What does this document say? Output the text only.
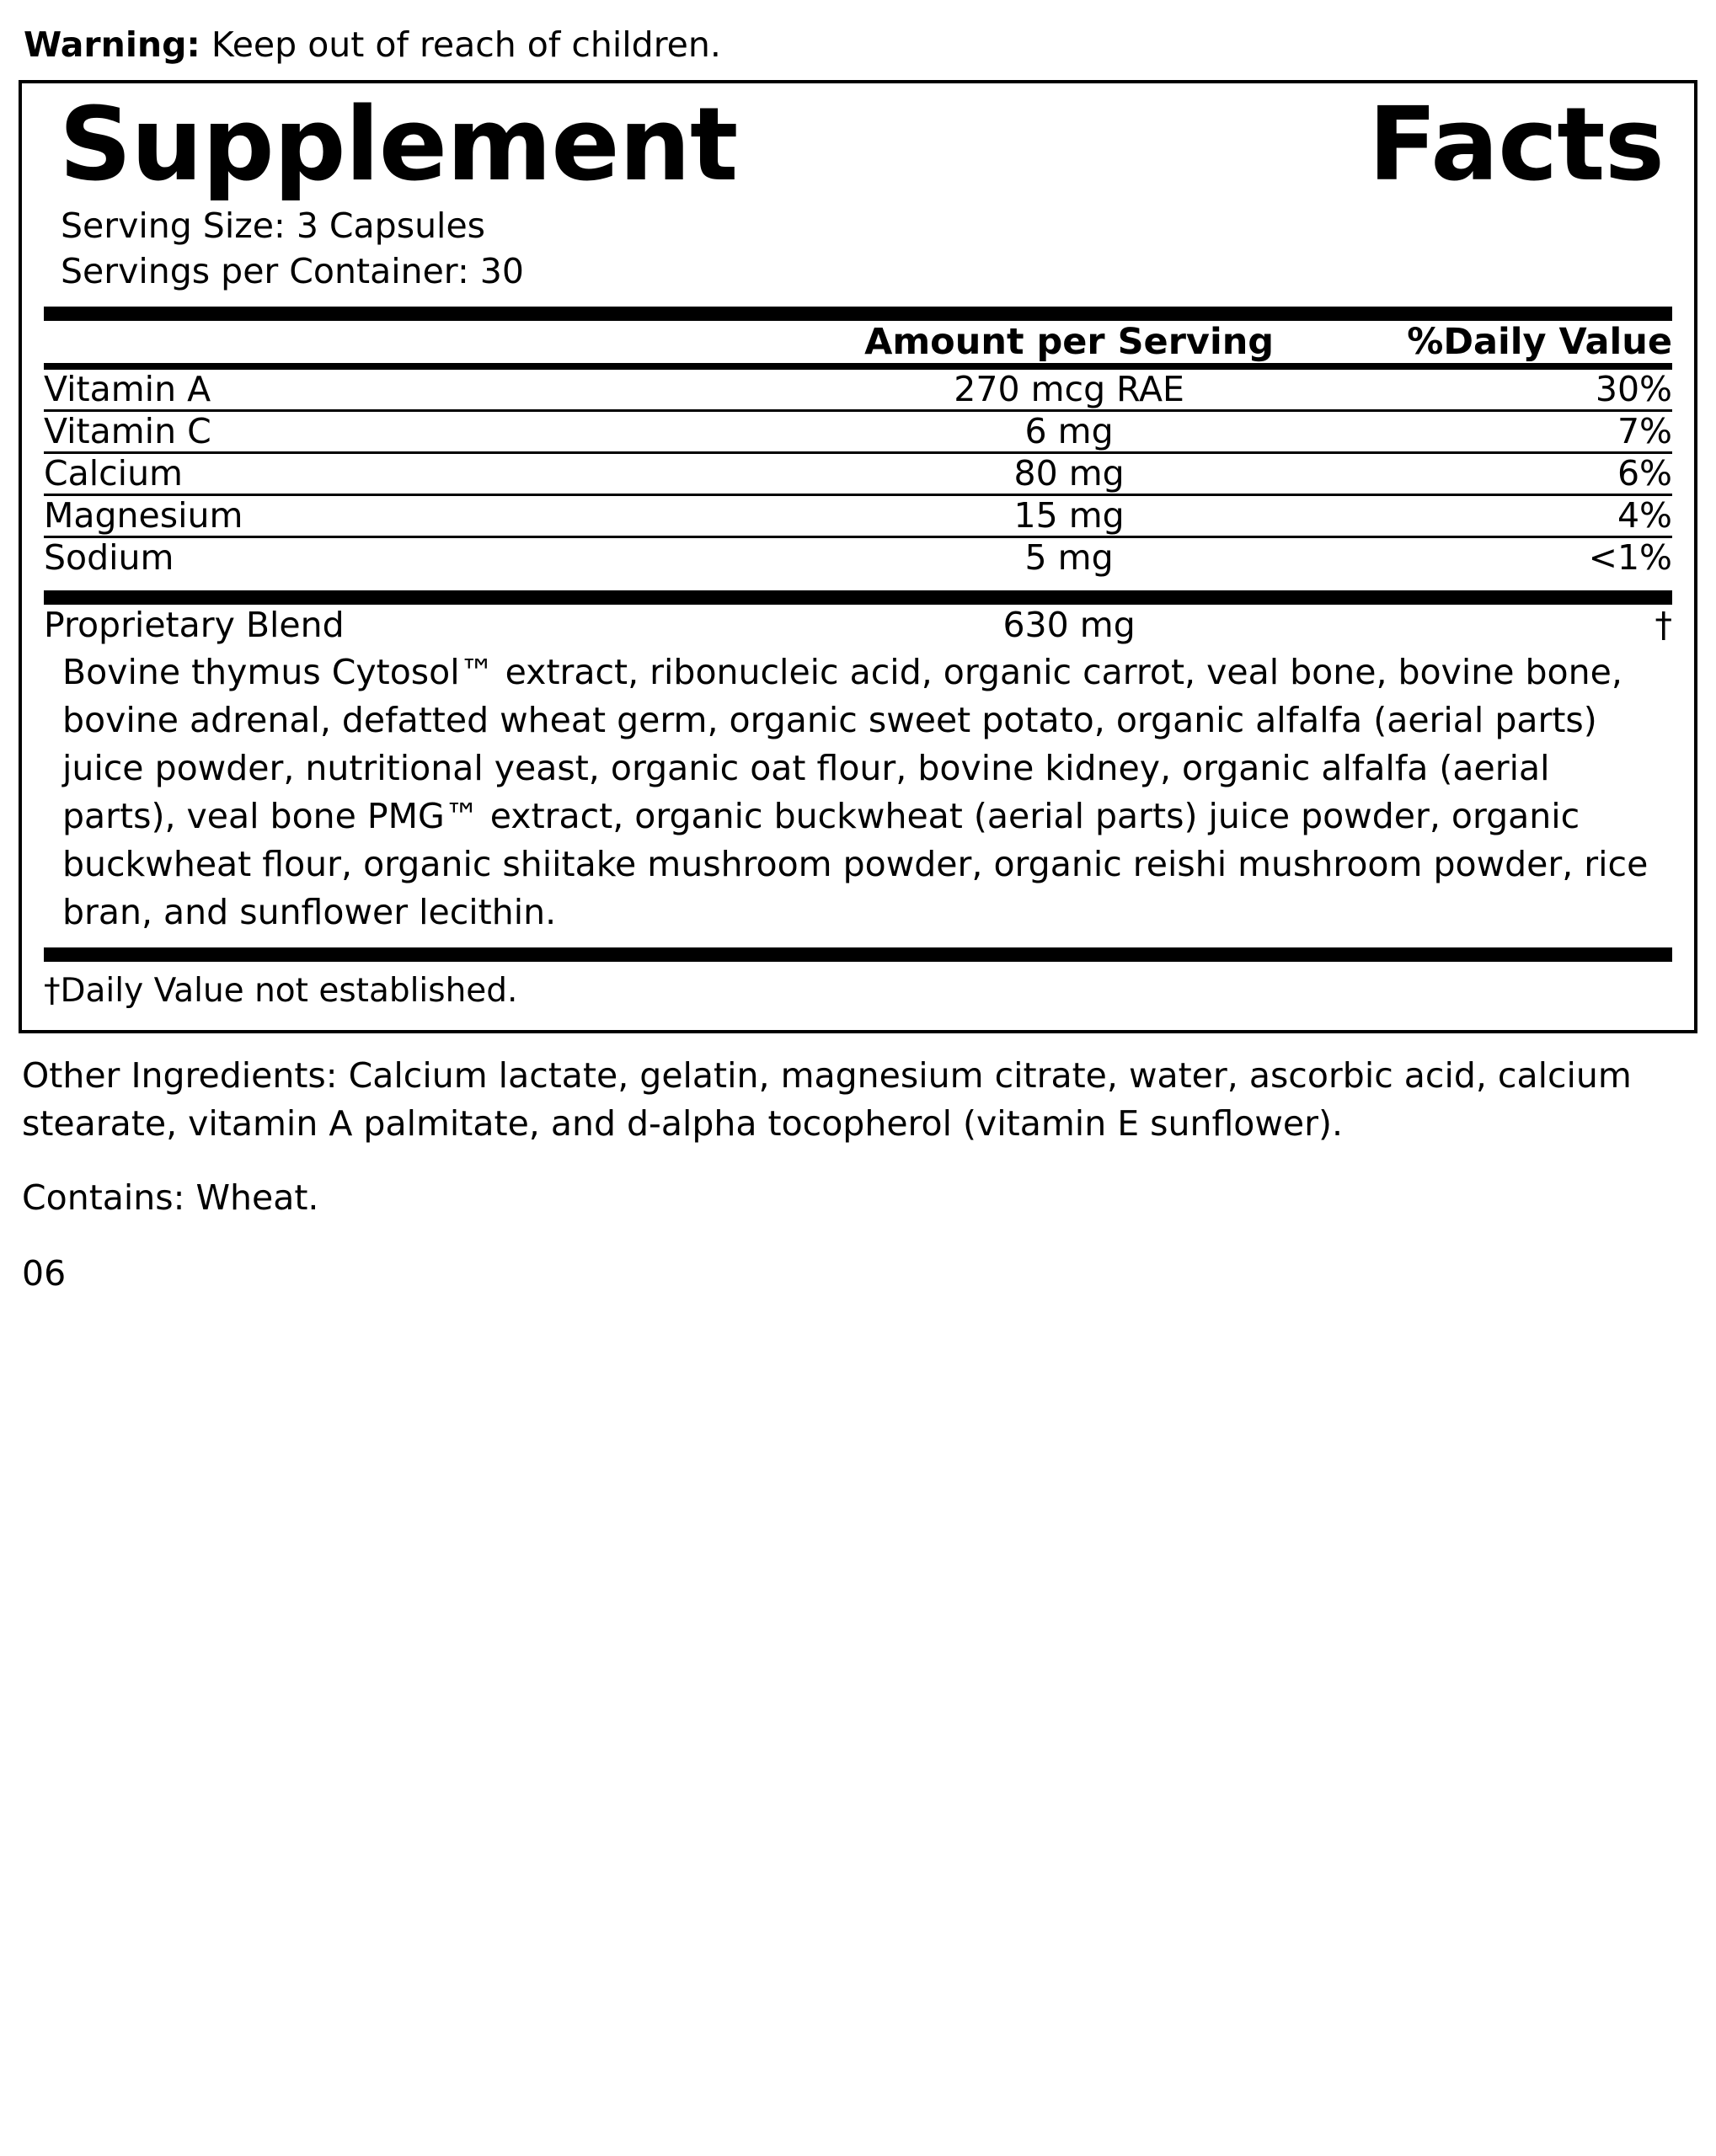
Warning: Keep out of reach of children.
Supplement	Facts
Serving Size: 3 Capsules
Servings per Container: 30
	Amount per Serving	%Daily Value
Vitamin A	270 mcg RAE	30%

Vitamin C	6 mg	7%

Calcium	80 mg	6%

Magnesium	15 mg	4%

Sodium	5 mg	<1%
Proprietary Blend	630 mg	†
Bovine thymus Cytosol™ extract, ribonucleic acid, organic carrot, veal bone, bovine bone, bovine adrenal, defatted wheat germ, organic sweet potato, organic alfalfa (aerial parts) juice powder, nutritional yeast, organic oat flour, bovine kidney, organic alfalfa (aerial parts), veal bone PMG™ extract, organic buckwheat (aerial parts) juice powder, organic buckwheat flour, organic shiitake mushroom powder, organic reishi mushroom powder, rice bran, and sunflower lecithin.
†Daily Value not established.
Other Ingredients: Calcium lactate, gelatin, magnesium citrate, water, ascorbic acid, calcium stearate, vitamin A palmitate, and d-alpha tocopherol (vitamin E sunflower).
Contains: Wheat.
06
